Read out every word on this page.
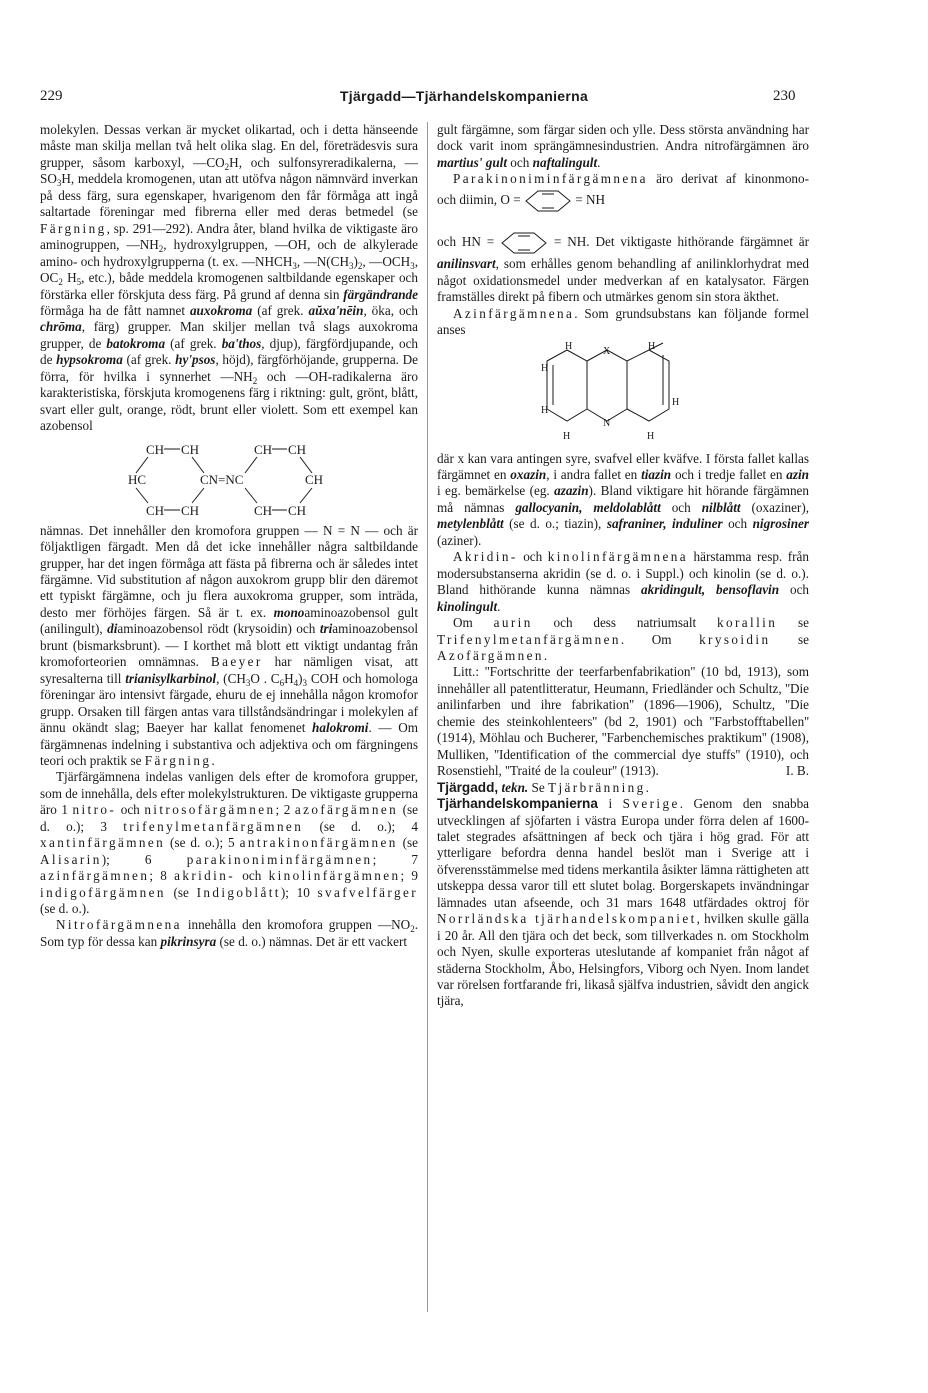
229	Tjärgadd—Tjärhandelskompanierna	230

molekylen. Dessas verkan är mycket olikartad, och i detta hänseende måste man skilja mellan två helt olika slag. En del, företrädesvis sura grupper, såsom karboxyl, $—CO_2H$, och sulfonsyreradikalerna, $—SO_3H$, meddela kromogenen, utan att utöfva någon nämnvärd inverkan på dess färg, sura egenskaper, hvarigenom den får förmåga att ingå saltartade föreningar med fibrerna eller med deras betmedel (se Färgning, sp. 291—292). Andra åter, bland hvilka de viktigaste äro aminogruppen, $—NH_2$, hydroxylgruppen, —OH, och de alkylerade amino- och hydroxylgrupperna (t. ex. $—NHCH_3$, $—N(CH_3)_2$, $—OCH_3$, $OC_2$ $H_5$, etc.), både meddela kromogenen saltbildande egenskaper och förstärka eller förskjuta dess färg. På grund af denna sin färgändrande förmåga ha de fått namnet auxokroma (af grek. aŭxa'nēin, öka, och chrōma, färg) grupper. Man skiljer mellan två slags auxokroma grupper, de batokroma (af grek. ba'thos, djup), färgfördjupande, och de hypsokroma (af grek. hy'psos, höjd), färgförhöjande, grupperna. De förra, för hvilka i synnerhet $—NH_2$ och —OH-radikalerna äro karakteristiska, förskjuta kromogenens färg i riktning: gult, grönt, blått, svart eller gult, orange, rödt, brunt eller violett. Som ett exempel kan azobensol

CH CH	CH CH
HC	CN=NC	CH
CH CH	CH CH

nämnas. Det innehåller den kromofora gruppen — N = N — och är följaktligen färgadt. Men då det icke innehåller några saltbildande grupper, har det ingen förmåga att fästa på fibrerna och är således intet färgämne. Vid substitution af någon auxokrom grupp blir den däremot ett typiskt färgämne, och ju flera auxokroma grupper, som inträda, desto mer förhöjes färgen. Så är t. ex. monoaminoazobensol gult (anilingult), diaminoazobensol rödt (krysoidin) och triaminoazobensol brunt (bismarksbrunt). — I korthet må blott ett viktigt undantag från kromoforteorien omnämnas. Baeyer har nämligen visat, att syresalterna till trianisylkarbinol, ($CH_3O$ . $C_6H_4)_3$ COH och homologa föreningar äro intensivt färgade, ehuru de ej innehålla någon kromofor grupp. Orsaken till färgen antas vara tillståndsändringar i molekylen af ännu okändt slag; Baeyer har kallat fenomenet halokromi. — Om färgämnenas indelning i substantiva och adjektiva och om färgningens teori och praktik se Färgning.

Tjärfärgämnena indelas vanligen dels efter de kromofora grupper, som de innehålla, dels efter molekylstrukturen. De viktigaste grupperna äro 1 nitro- och nitrosofärgämnen; 2 azofärgämnen (se d. o.); 3 trifenylmetanfärgämnen (se d. o.); 4 xantinfärgämnen (se d. o.); 5 antrakinonfärgämnen (se Alisarin); 6	parakinoniminfärgämnen; 7 azinfärgämnen; 8 akridin- och kinolinfärgämnen; 9 indigofärgämnen (se Indigoblått); 10 svafvelfärger (se d. o.).

Nitrofärgämnena innehålla den kromofora gruppen $—NO_2$. Som typ för dessa kan pikrinsyra (se d. o.) nämnas. Det är ett vackert

gult färgämne, som färgar siden och ylle. Dess största användning har dock varit inom sprängämnesindustrien. Andra nitrofärgämnen äro martius' gult och naftalingult.

Parakinoniminfärgämnena äro derivat af kinonmono- och diimin, O =	= NH

och HN =	= NH. Det viktigaste hithörande färgämnet är anilinsvart, som erhålles genom behandling af anilinklorhydrat med något oxidationsmedel under medverkan af en katalysator. Färgen framställes direkt på fibern och utmärkes genom sin stora äkthet.

Azinfärgämnena. Som grundsubstans kan följande formel anses

H	H
H
H
H
X
N
H	H

där x kan vara antingen syre, svafvel eller kväfve. I första fallet kallas färgämnet en oxazin, i andra fallet en tiazin och i tredje fallet en azin i eg. bemärkelse (eg. azazin). Bland viktigare hit hörande färgämnen må nämnas gallocyanin, meldolablått och nilblått (oxaziner), metylenblått (se d. o.; tiazin), safraniner, induliner och nigrosiner (aziner).

Akridin- och kinolinfärgämnena härstamma resp. från modersubstanserna akridin (se d. o. i Suppl.) och kinolin (se d. o.). Bland hithörande kunna nämnas akridingult, bensoflavin och kinolingult.

Om aurin och dess natriumsalt korallin se Trifenylmetanfärgämnen. Om krysoidin se Azofärgämnen.

Litt.: ''Fortschritte der teerfarbenfabrikation'' (10 bd, 1913), som innehåller all patentlitteratur, Heumann, Friedländer och Schultz, ''Die anilinfarben und ihre fabrikation'' (1896—1906), Schultz, ''Die chemie des steinkohlenteers'' (bd 2, 1901) och ''Farbstofftabellen'' (1914), Möhlau och Bucherer, ''Farbenchemisches praktikum'' (1908), Mulliken, ''Identification of the commercial dye stuffs'' (1910), och Rosenstiehl, ''Traité de la couleur'' (1913).	I. B.

Tjärgadd, tekn. Se Tjärbränning.

Tjärhandelskompanierna i Sverige. Genom den snabba utvecklingen af sjöfarten i västra Europa under förra delen af 1600-talet stegrades afsättningen af beck och tjära i hög grad. För att ytterligare befordra denna handel beslöt man i Sverige att i öfverensstämmelse med tidens merkantila åsikter lämna rättigheten att utskeppa dessa varor till ett slutet bolag. Borgerskapets invändningar lämnades utan afseende, och 31 mars 1648 utfärdades oktroj för Norrländska tjärhandelskompaniet, hvilken skulle gälla i 20 år. All den tjära och det beck, som tillverkades n. om Stockholm och Nyen, skulle exporteras uteslutande af kompaniet från något af städerna Stockholm, Åbo, Helsingfors, Viborg och Nyen. Inom landet var rörelsen fortfarande fri, likaså själfva industrien, såvidt den angick tjära,
